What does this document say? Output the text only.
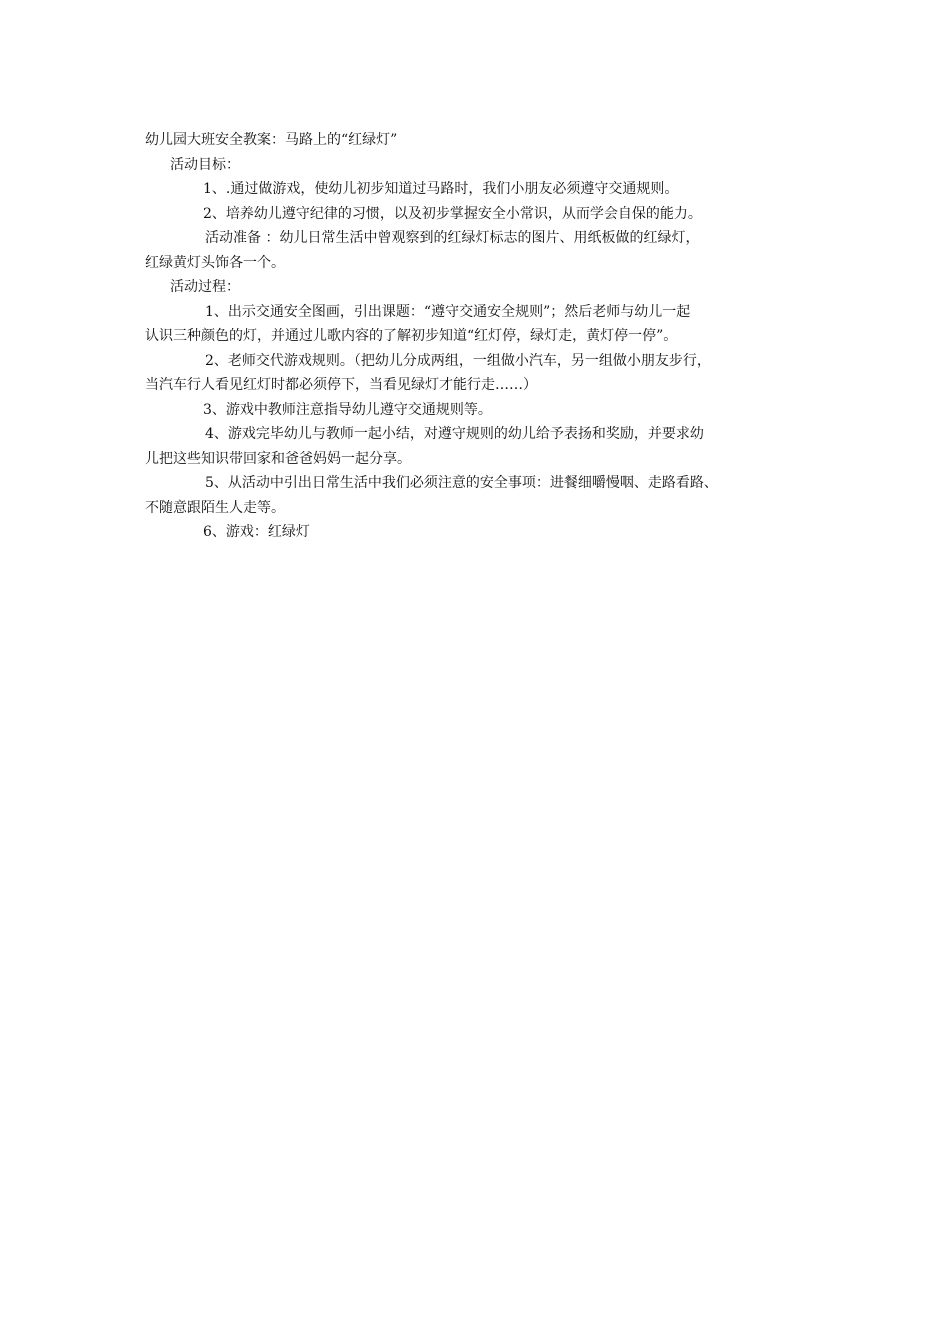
幼儿园大班安全教案：马路上的“红绿灯”
活动目标：
1、.通过做游戏，使幼儿初步知道过马路时，我们小朋友必须遵守交通规则。
2、培养幼儿遵守纪律的习惯，以及初步掌握安全小常识，从而学会自保的能力。
活动准备 ：幼儿日常生活中曾观察到的红绿灯标志的图片、用纸板做的红绿灯，
红绿黄灯头饰各一个。
活动过程：
1、出示交通安全图画，引出课题：“遵守交通安全规则”；然后老师与幼儿一起
认识三种颜色的灯，并通过儿歌内容的了解初步知道“红灯停，绿灯走，黄灯停一停”。
2、老师交代游戏规则。（把幼儿分成两组，一组做小汽车，另一组做小朋友步行，
当汽车行人看见红灯时都必须停下，当看见绿灯才能行走……）
3、游戏中教师注意指导幼儿遵守交通规则等。
4、游戏完毕幼儿与教师一起小结，对遵守规则的幼儿给予表扬和奖励，并要求幼
儿把这些知识带回家和爸爸妈妈一起分享。
5、从活动中引出日常生活中我们必须注意的安全事项：进餐细嚼慢咽、走路看路、
不随意跟陌生人走等。
6、游戏：红绿灯
